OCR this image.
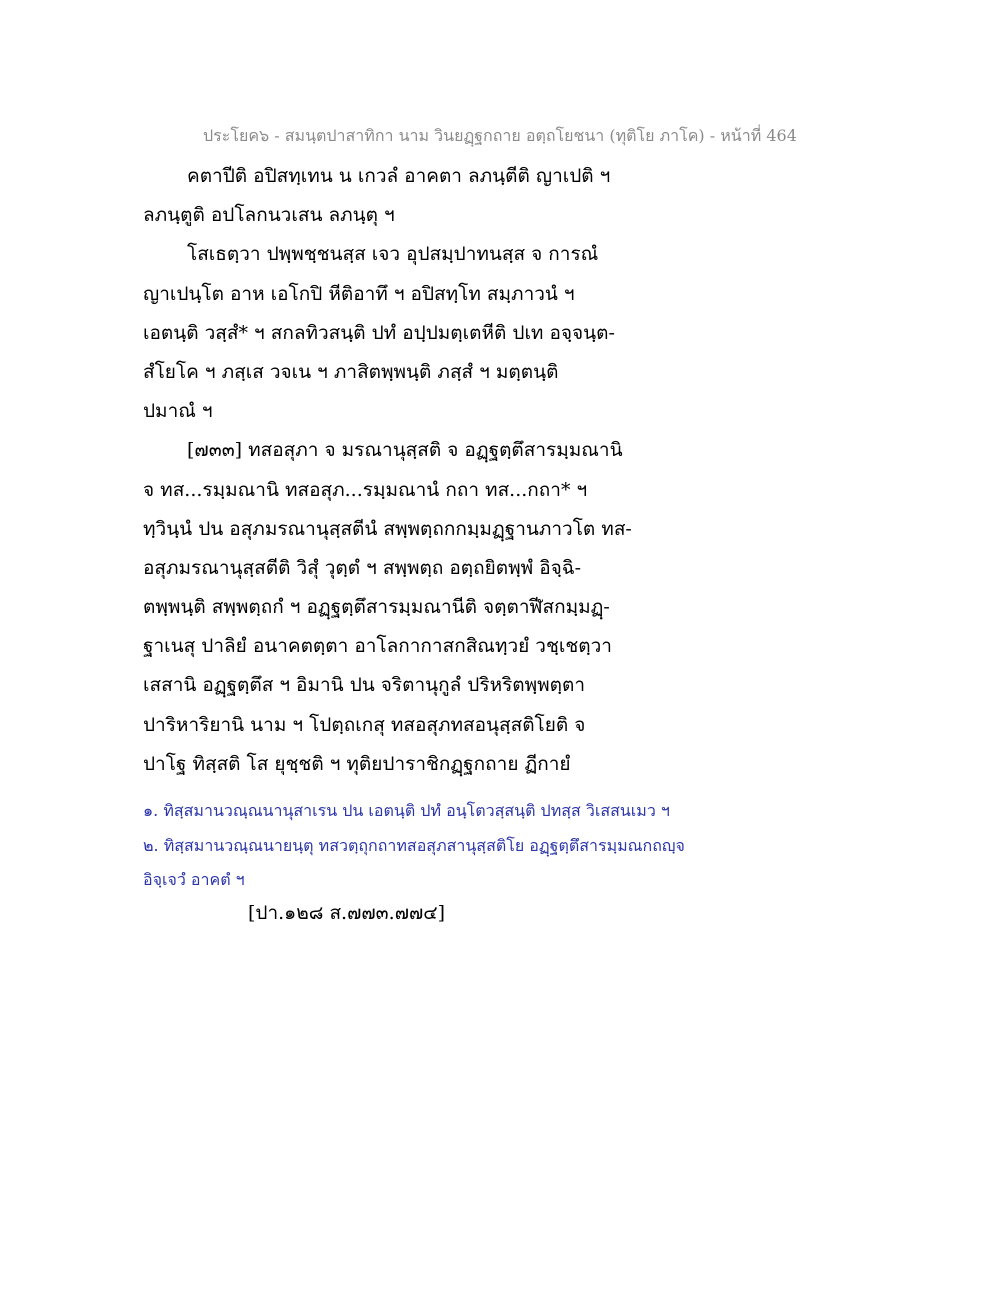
ประโยค๖ - สมนฺตปาสาทิกา นาม วินยฏฺฐกถาย อตฺถโยชนา (ทุติโย ภาโค) - หน้าที่ 464
คตาปีติ อปิสทฺเทน น เกวลํ อาคตา ลภนฺตีติ ญาเปติ ฯ
ลภนฺตูติ อปโลกนวเสน ลภนฺตุ ฯ
โสเธตฺวา ปพฺพชฺชนสฺส เจว อุปสมฺปาทนสฺส จ การณํ
ญาเปนฺโต อาห เอโกปิ หีติอาทึ ฯ อปิสทฺโท สมฺภาวนํ ฯ
เอตนฺติ วสฺสํ* ฯ สกลทิวสนฺติ ปทํ อปฺปมตฺเตหีติ ปเท อจฺจนฺต-
สํโยโค ฯ ภสฺเส วจเน ฯ ภาสิตพฺพนฺติ ภสฺสํ ฯ มตฺตนฺติ
ปมาณํ ฯ
[๗๓๓] ทสอสุภา จ มรณานุสฺสติ จ อฏฺฐตฺตึสารมฺมณานิ
จ ทส...รมฺมณานิ ทสอสุภ...รมฺมณานํ กถา ทส...กถา* ฯ
ทฺวินฺนํ ปน อสุภมรณานุสฺสตีนํ สพฺพตฺถกกมฺมฏฺฐานภาวโต ทส-
อสุภมรณานุสฺสตีติ วิสุํ วุตฺตํ ฯ สพฺพตฺถ อตฺถยิตพฺพํ อิจฺฉิ-
ตพฺพนฺติ สพฺพตฺถกํ ฯ อฏฺฐตฺตึสารมฺมณานีติ จตฺตาฬีสกมฺมฏฺ-
ฐาเนสุ ปาลิยํ อนาคตตฺตา อาโลกากาสกสิณทฺวยํ วชฺเชตฺวา
เสสานิ อฏฺฐตฺตึส ฯ อิมานิ ปน จริตานุกูลํ ปริหริตพฺพตฺตา
ปาริหาริยานิ นาม ฯ โปตฺถเกสุ ทสอสุภทสอนุสฺสติโยติ จ
ปาโฐ ทิสฺสติ โส ยุชฺชติ ฯ ทุติยปาราชิกฏฺฐกถาย ฏีกายํ
๑. ทิสฺสมานวณฺณนานุสาเรน ปน เอตนฺติ ปทํ อนฺโตวสฺสนฺติ ปทสฺส วิเสสนเมว ฯ
๒. ทิสฺสมานวณฺณนายนฺตุ ทสวตฺถุกถาทสอสุภสานุสฺสติโย อฏฺฐตฺตึสารมฺมณกถญฺจ
อิจฺเจวํ อาคตํ ฯ
[ปา.๑๒๘ ส.๗๗๓.๗๗๔]
